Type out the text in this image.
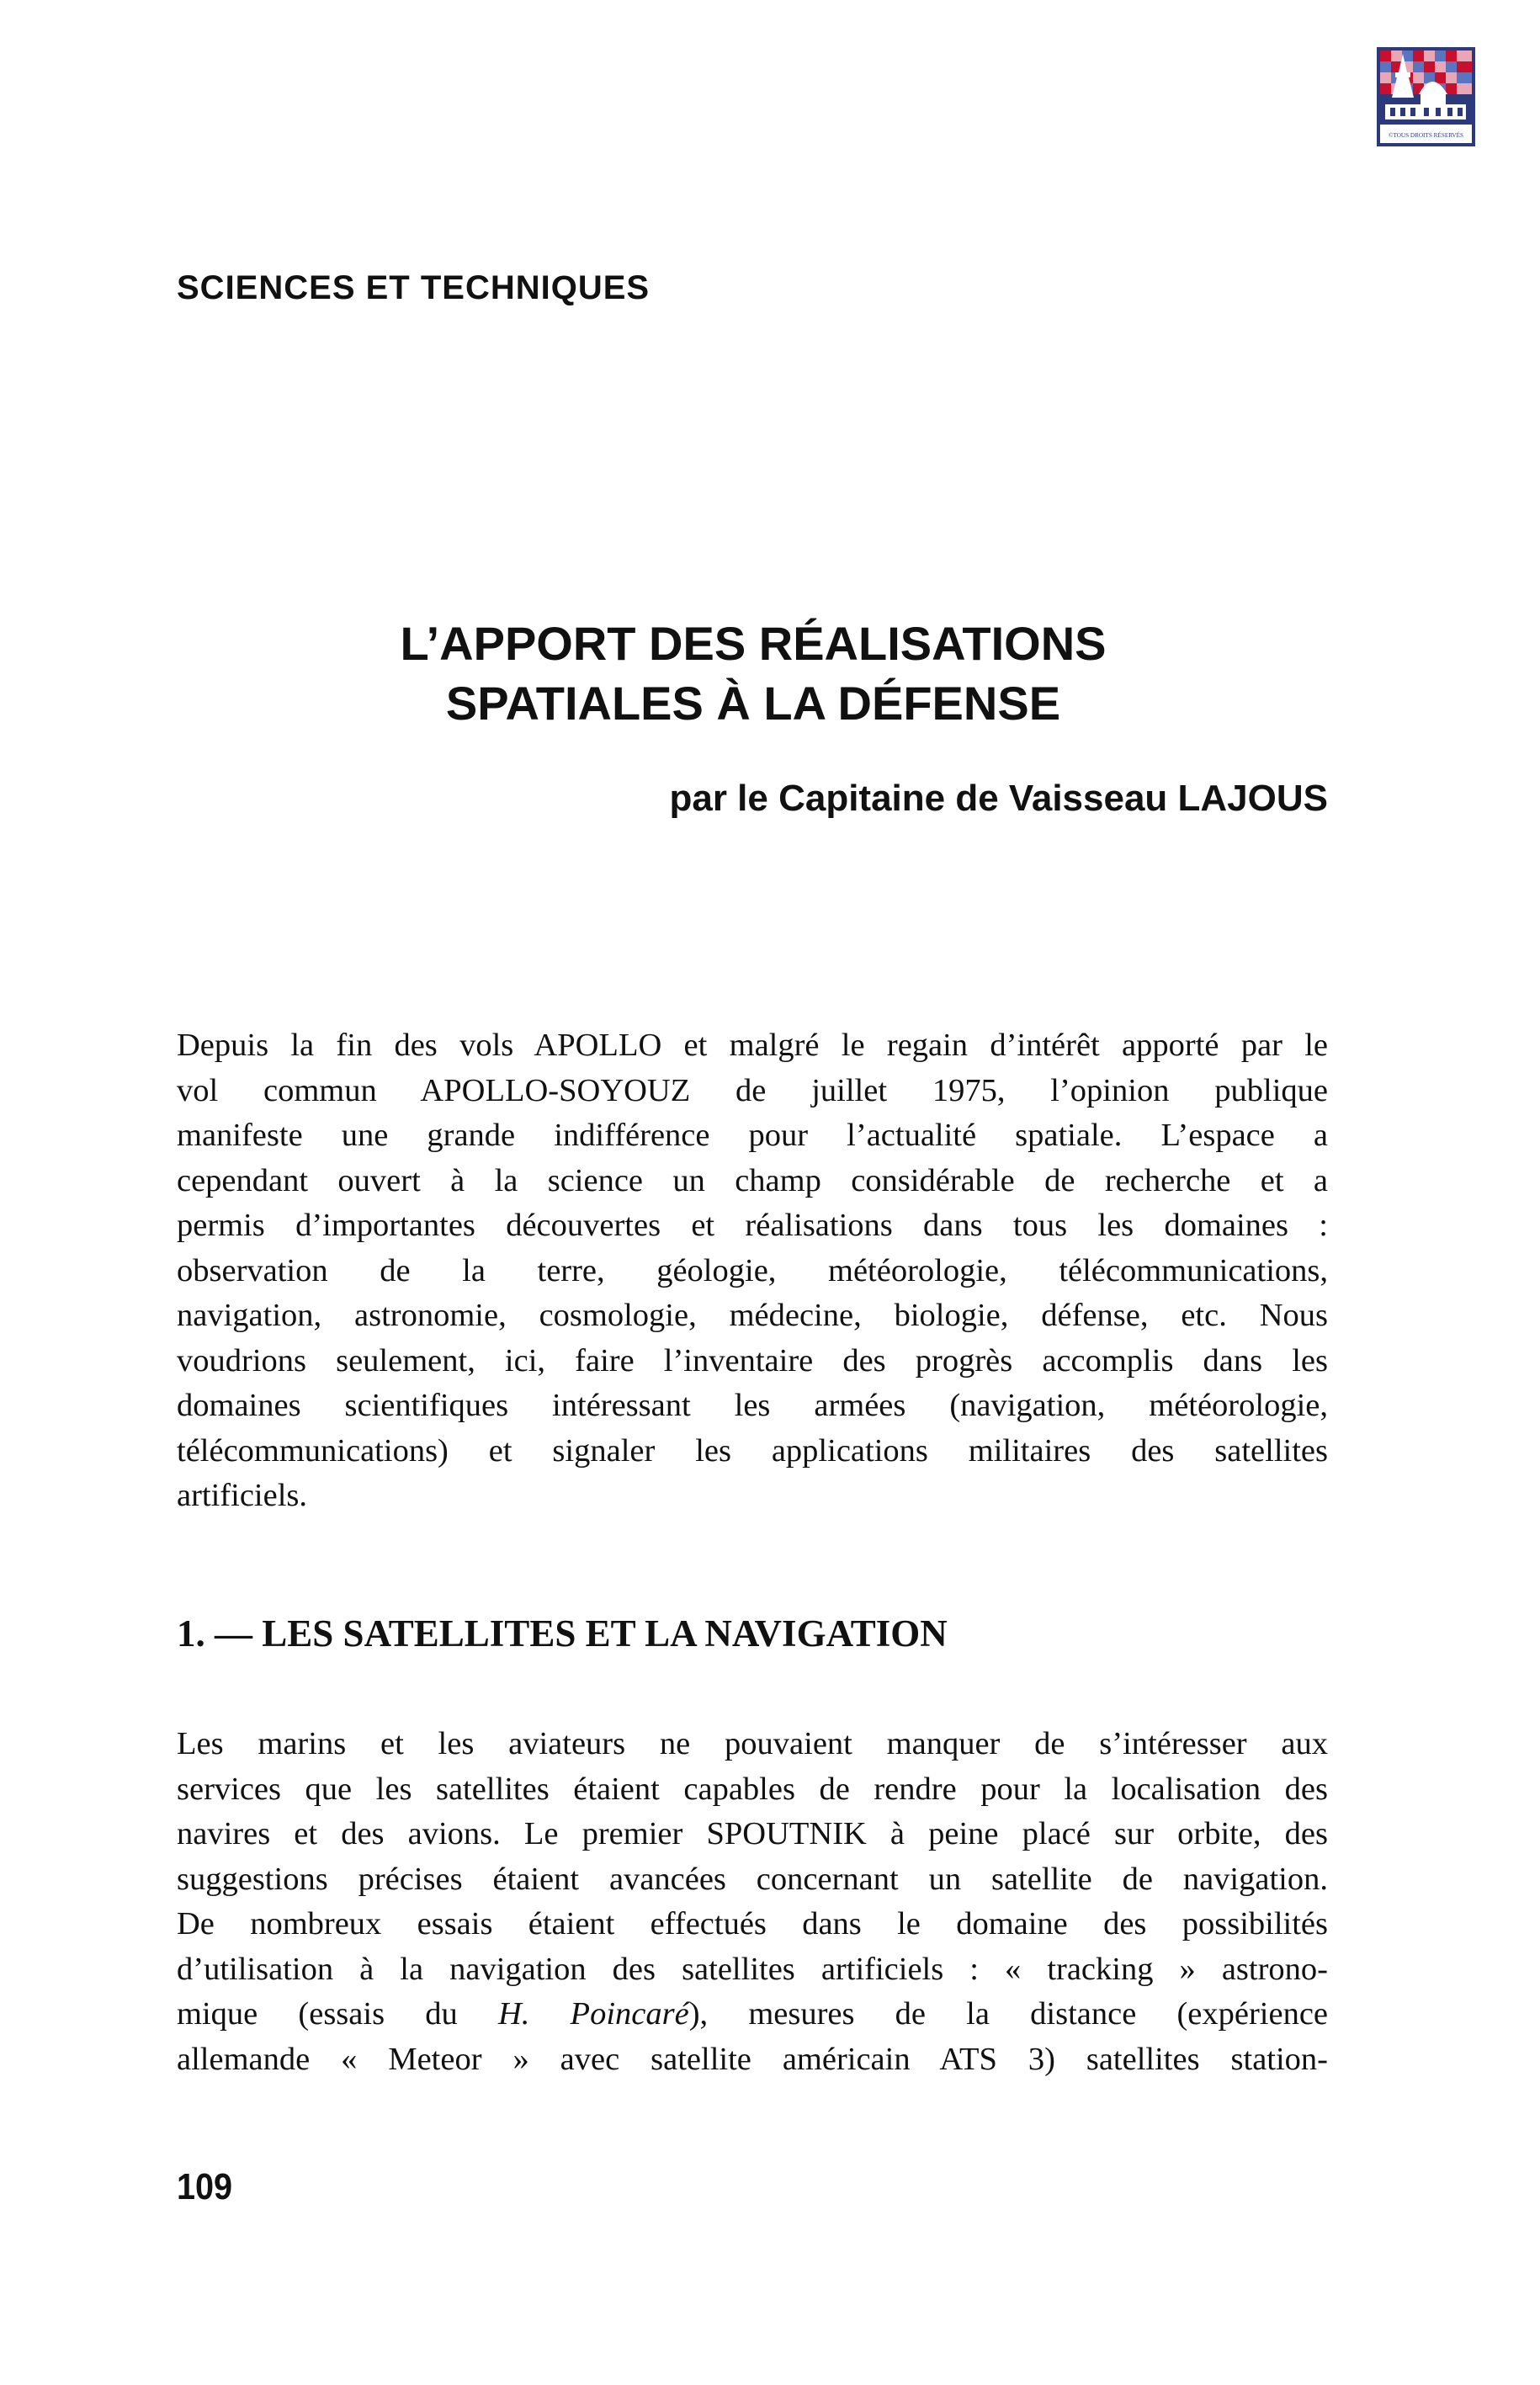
©TOUS DROITS RÉSERVÉS

SCIENCES ET TECHNIQUES

L’APPORT DES RÉALISATIONS
SPATIALES À LA DÉFENSE

par le Capitaine de Vaisseau LAJOUS

Depuis la fin des vols APOLLO et malgré le regain d’intérêt apporté par le
vol commun APOLLO-SOYOUZ de juillet 1975, l’opinion publique
manifeste une grande indifférence pour l’actualité spatiale. L’espace a
cependant ouvert à la science un champ considérable de recherche et a
permis d’importantes découvertes et réalisations dans tous les domaines :
observation de la terre, géologie, météorologie, télécommunications,
navigation, astronomie, cosmologie, médecine, biologie, défense, etc. Nous
voudrions seulement, ici, faire l’inventaire des progrès accomplis dans les
domaines scientifiques intéressant les armées (navigation, météorologie,
télécommunications) et signaler les applications militaires des satellites
artificiels.
1. — LES SATELLITES ET LA NAVIGATION
Les marins et les aviateurs ne pouvaient manquer de s’intéresser aux
services que les satellites étaient capables de rendre pour la localisation des
navires et des avions. Le premier SPOUTNIK à peine placé sur orbite, des
suggestions précises étaient avancées concernant un satellite de navigation.
De nombreux essais étaient effectués dans le domaine des possibilités
d’utilisation à la navigation des satellites artificiels : « tracking » astrono-
mique (essais du H. Poincaré), mesures de la distance (expérience
allemande « Meteor » avec satellite américain ATS 3) satellites station-

109
